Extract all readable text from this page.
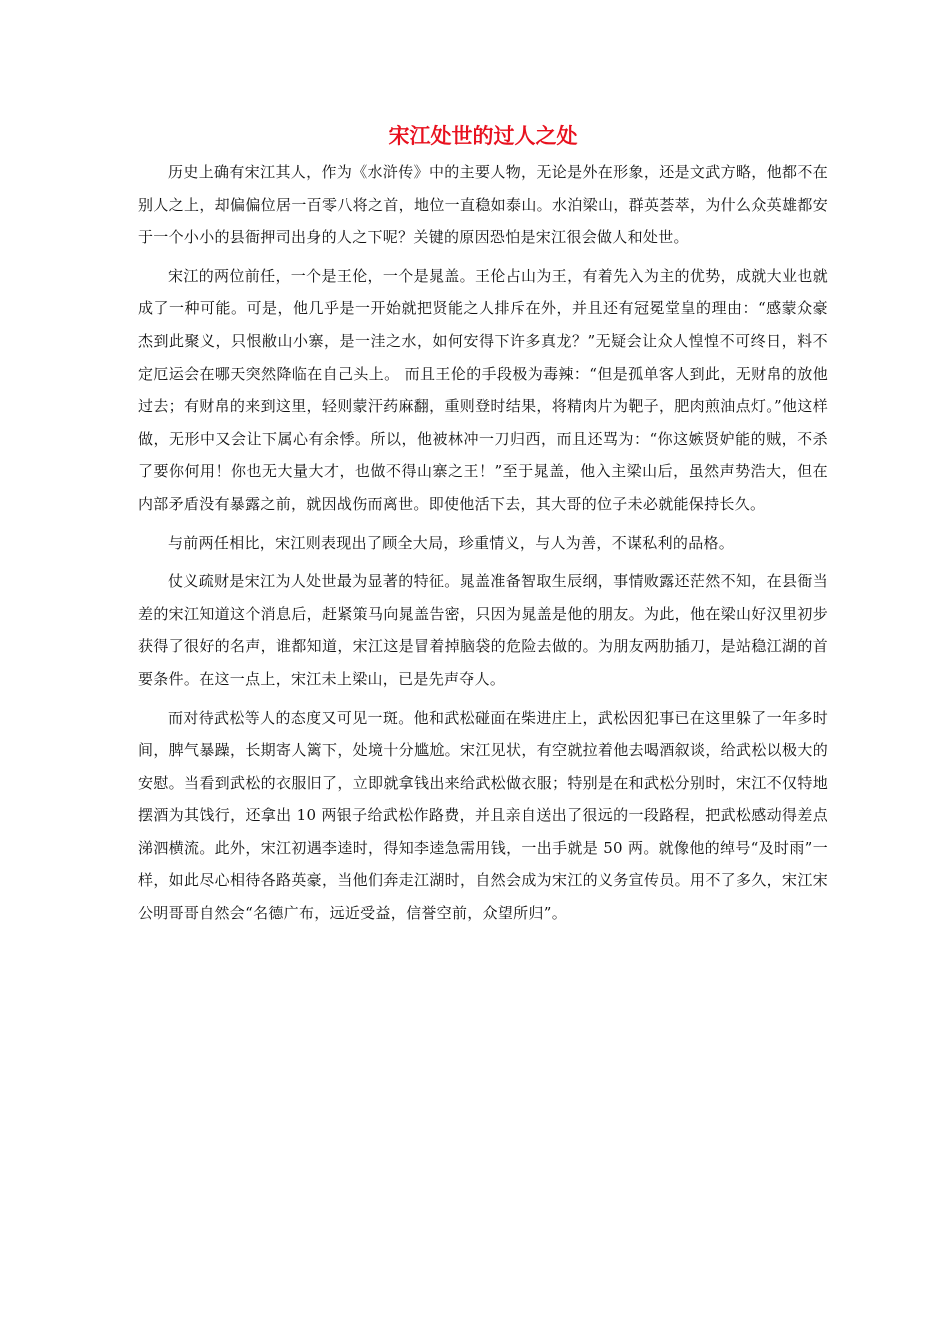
宋江处世的过人之处

历史上确有宋江其人，作为《水浒传》中的主要人物，无论是外在形象，还是文武方略，他都不在别人之上，却偏偏位居一百零八将之首，地位一直稳如泰山。水泊梁山，群英荟萃，为什么众英雄都安于一个小小的县衙押司出身的人之下呢？关键的原因恐怕是宋江很会做人和处世。

宋江的两位前任，一个是王伦，一个是晁盖。王伦占山为王，有着先入为主的优势，成就大业也就成了一种可能。可是，他几乎是一开始就把贤能之人排斥在外，并且还有冠冕堂皇的理由：“感蒙众豪杰到此聚义，只恨敝山小寨，是一洼之水，如何安得下许多真龙？”无疑会让众人惶惶不可终日，料不定厄运会在哪天突然降临在自己头上。 而且王伦的手段极为毒辣：“但是孤单客人到此，无财帛的放他过去；有财帛的来到这里，轻则蒙汗药麻翻，重则登时结果，将精肉片为靶子，肥肉煎油点灯。”他这样做，无形中又会让下属心有余悸。所以，他被林冲一刀归西，而且还骂为：“你这嫉贤妒能的贼，不杀了要你何用！你也无大量大才，也做不得山寨之王！”至于晁盖，他入主梁山后，虽然声势浩大，但在内部矛盾没有暴露之前，就因战伤而离世。即使他活下去，其大哥的位子未必就能保持长久。

与前两任相比，宋江则表现出了顾全大局，珍重情义，与人为善，不谋私利的品格。

仗义疏财是宋江为人处世最为显著的特征。晁盖准备智取生辰纲，事情败露还茫然不知，在县衙当差的宋江知道这个消息后，赶紧策马向晁盖告密，只因为晁盖是他的朋友。为此，他在梁山好汉里初步获得了很好的名声，谁都知道，宋江这是冒着掉脑袋的危险去做的。为朋友两肋插刀，是站稳江湖的首要条件。在这一点上，宋江未上梁山，已是先声夺人。

而对待武松等人的态度又可见一斑。他和武松碰面在柴进庄上，武松因犯事已在这里躲了一年多时间，脾气暴躁，长期寄人篱下，处境十分尴尬。宋江见状，有空就拉着他去喝酒叙谈，给武松以极大的安慰。当看到武松的衣服旧了，立即就拿钱出来给武松做衣服；特别是在和武松分别时，宋江不仅特地摆酒为其饯行，还拿出 10 两银子给武松作路费，并且亲自送出了很远的一段路程，把武松感动得差点涕泗横流。此外，宋江初遇李逵时，得知李逵急需用钱，一出手就是 50 两。就像他的绰号“及时雨”一样，如此尽心相待各路英豪，当他们奔走江湖时，自然会成为宋江的义务宣传员。用不了多久，宋江宋公明哥哥自然会“名德广布，远近受益，信誉空前，众望所归”。
